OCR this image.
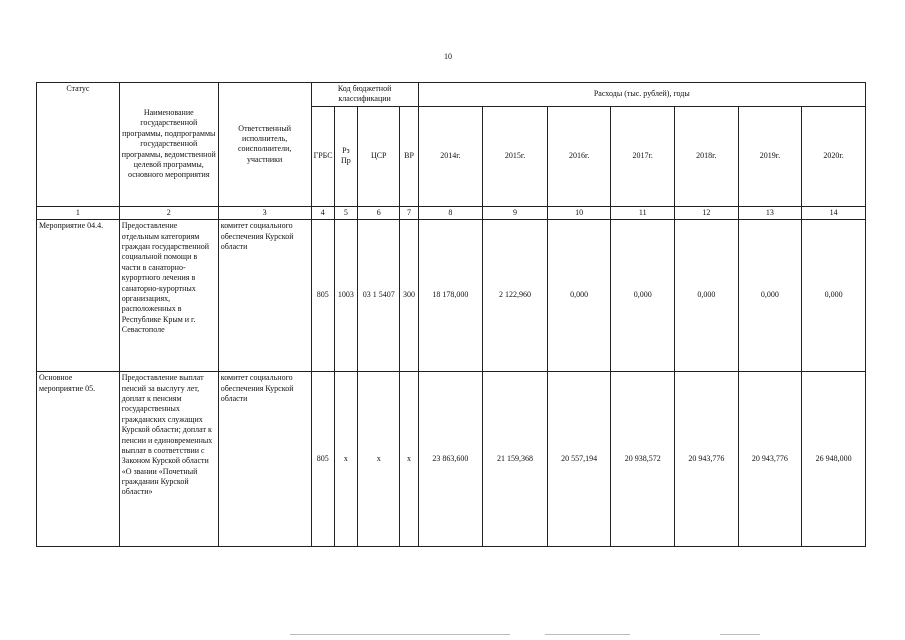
10
Статус	Наименование государственной программы, подпрограммы государственной программы, ведомственной целевой программы, основного мероприятия	Ответственный исполнитель, соисполнители, участники	Код бюджетной классификации				Расходы (тыс. рублей), годы						
			ГРБС	Рз Пр	ЦСР	ВР	2014г.	2015г.	2016г.	2017г.	2018г.	2019г.	2020г.
1	2	3	4	5	6	7	8	9	10	11	12	13	14
Мероприятие 04.4.	Предоставление отдельным категориям граждан государственной социальной помощи в части в санаторно-курортного лечения в санаторно-курортных организациях, расположенных в Республике Крым и г. Севастополе	комитет социального обеспечения Курской области	805	1003	03 1 5407	300	18 178,000	2 122,960	0,000	0,000	0,000	0,000	0,000
Основное мероприятие 05.	Предоставление выплат пенсий за выслугу лет, доплат к пенсиям государственных гражданских служащих Курской области; доплат к пенсии и единовременных выплат в соответствии с Законом Курской области «О звании «Почетный гражданин Курской области»	комитет социального обеспечения Курской области	805	х	х	х	23 863,600	21 159,368	20 557,194	20 938,572	20 943,776	20 943,776	26 948,000
